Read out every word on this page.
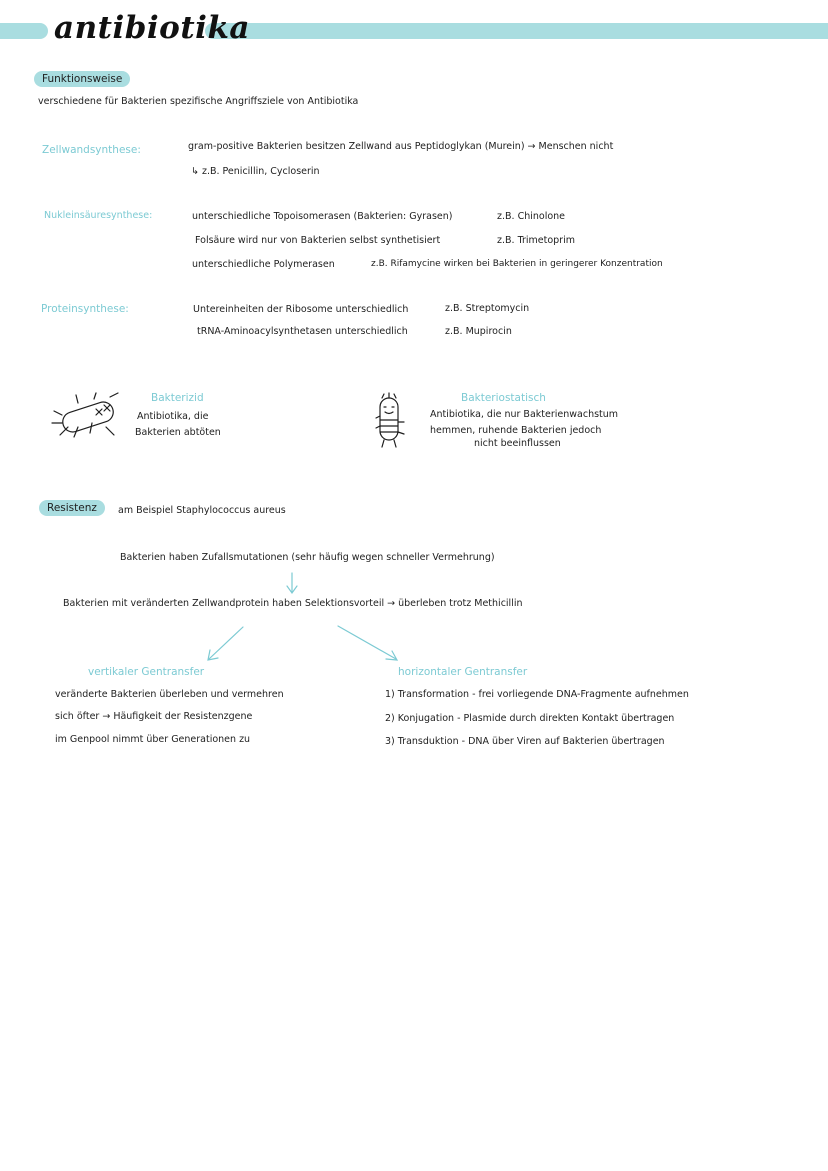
antibiotika
Funktionsweise
verschiedene für Bakterien spezifische Angriffsziele von Antibiotika
Zellwandsynthese:	gram-positive Bakterien besitzen Zellwand aus Peptidoglykan (Murein) → Menschen nicht
↳ z.B. Penicillin, Cycloserin
Nukleinsäuresynthese:	unterschiedliche Topoisomerasen (Bakterien: Gyrasen)	z.B. Chinolone
Folsäure wird nur von Bakterien selbst synthetisiert	z.B. Trimetoprim
unterschiedliche Polymerasen	z.B. Rifamycine wirken bei Bakterien in geringerer Konzentration
Proteinsynthese:	Untereinheiten der Ribosome unterschiedlich	z.B. Streptomycin
tRNA-Aminoacylsynthetasen unterschiedlich	z.B. Mupirocin
Bakterizid
Antibiotika, die
Bakterien abtöten
Bakteriostatisch
Antibiotika, die nur Bakterienwachstum
hemmen, ruhende Bakterien jedoch
nicht beeinflussen
Resistenz	am Beispiel Staphylococcus aureus
Bakterien haben Zufallsmutationen (sehr häufig wegen schneller Vermehrung)
Bakterien mit veränderten Zellwandprotein haben Selektionsvorteil → überleben trotz Methicillin
vertikaler Gentransfer
veränderte Bakterien überleben und vermehren
sich öfter → Häufigkeit der Resistenzgene
im Genpool nimmt über Generationen zu
horizontaler Gentransfer
1) Transformation - frei vorliegende DNA-Fragmente aufnehmen
2) Konjugation - Plasmide durch direkten Kontakt übertragen
3) Transduktion - DNA über Viren auf Bakterien übertragen
